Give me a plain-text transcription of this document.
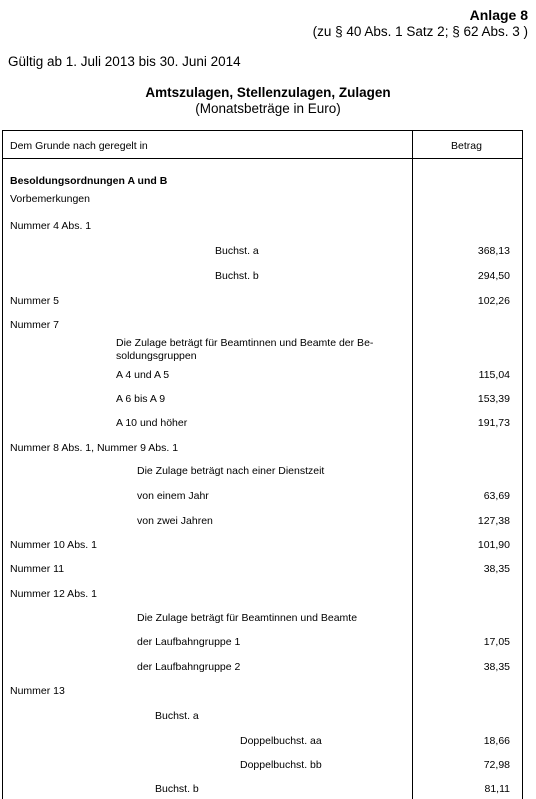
Anlage 8
(zu § 40 Abs. 1 Satz 2; § 62 Abs. 3 )
Gültig ab 1. Juli 2013 bis 30. Juni 2014
Amtszulagen, Stellenzulagen, Zulagen
(Monatsbeträge in Euro)
Dem Grunde nach geregelt in	Betrag
Besoldungsordnungen A und B
Vorbemerkungen
Nummer 4 Abs. 1
Buchst. a	368,13
Buchst. b	294,50
Nummer 5	102,26
Nummer 7
Die Zulage beträgt für Beamtinnen und Beamte der Be-
soldungsgruppen
A 4 und A 5	115,04
A 6 bis A 9	153,39
A 10 und höher	191,73
Nummer 8 Abs. 1, Nummer 9 Abs. 1
Die Zulage beträgt nach einer Dienstzeit
von einem Jahr	63,69
von zwei Jahren	127,38
Nummer 10 Abs. 1	101,90
Nummer 11	38,35
Nummer 12 Abs. 1
Die Zulage beträgt für Beamtinnen und Beamte
der Laufbahngruppe 1	17,05
der Laufbahngruppe 2	38,35
Nummer 13
Buchst. a
Doppelbuchst. aa	18,66
Doppelbuchst. bb	72,98
Buchst. b	81,11
